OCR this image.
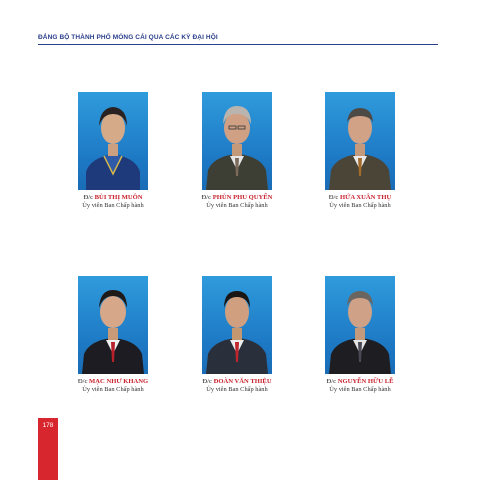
ĐẢNG BỘ THÀNH PHỐ MÓNG CÁI QUA CÁC KỲ ĐẠI HỘI
Đ/c BÙI THỊ MUÔN
Ủy viên Ban Chấp hành
Đ/c PHÙN PHU QUYỂN
Ủy viên Ban Chấp hành
Đ/c HỨA XUÂN THỤ
Ủy viên Ban Chấp hành
Đ/c MẠC NHƯ KHANG
Ủy viên Ban Chấp hành
Đ/c ĐOÀN VĂN THIỆU
Ủy viên Ban Chấp hành
Đ/c NGUYỄN HỮU LỄ
Ủy viên Ban Chấp hành
178
